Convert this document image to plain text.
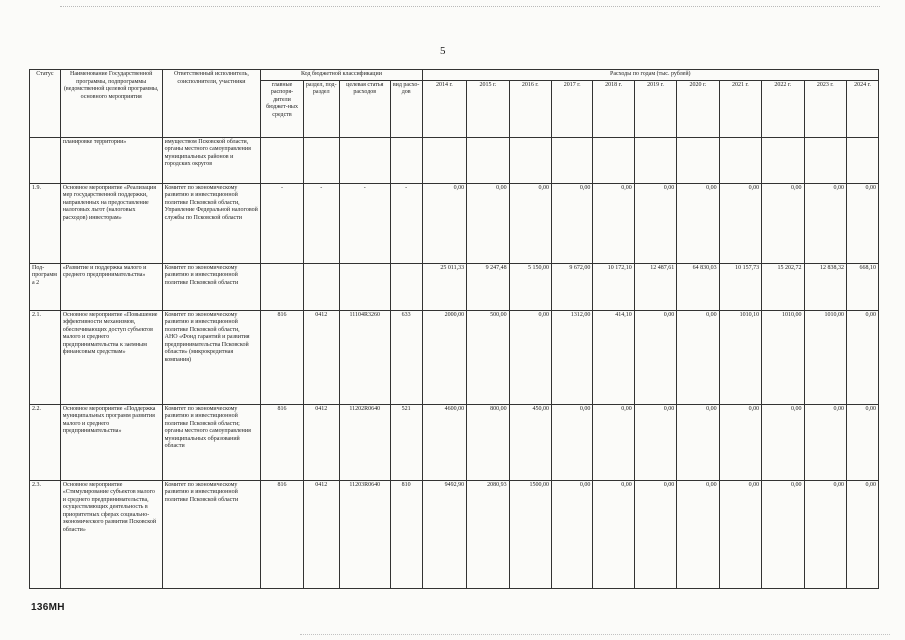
5
Статус	Наименование Государственной программы, подпрограммы (ведомственной целевой программы, основного мероприятия	Ответственный исполнитель, соисполнители, участники	Код бюджетной классификации				Расходы по годам (тыс. рублей)										
			главные распоря-дители бюджет-ных средств	раздел, под-раздел	целевая статья расходов	вид расхо-дов	2014 г.	2015 г.	2016 г.	2017 г.	2018 г.	2019 г.	2020 г.	2021 г.	2022 г.	2023 г.	2024 г.
	планировке территории»	имуществом Псковской области,
органы местного самоуправления муниципальных районов и городских округов															
1.9.	Основное мероприятие «Реализация мер государственной поддержки, направленных на предоставление налоговых льгот (налоговых расходов) инвесторам»	Комитет по экономическому развитию и инвестиционной политике Псковской области,
Управление Федеральной налоговой службы по Псковской области	-	-	-	-	0,00	0,00	0,00	0,00	0,00	0,00	0,00	0,00	0,00	0,00	0,00
Под-программа 2	«Развитие и поддержка малого и среднего предпринимательства»	Комитет по экономическому развитию и инвестиционной политике Псковской области					25 011,33	9 247,48	5 150,00	9 672,00	10 172,10	12 487,61	64 830,03	10 157,73	15 202,72	12 838,32	668,10
2.1.	Основное мероприятие «Повышение эффективности механизмов, обеспечивающих доступ субъектов малого и среднего предпринимательства к заемным финансовым средствам»	Комитет по экономическому развитию и инвестиционной политике Псковской области,
АНО «Фонд гарантий и развития предпринимательства Псковской области» (микрокредитная компания)	816	0412	11104R3260	633	2000,00	500,00	0,00	1312,00	414,10	0,00	0,00	1010,10	1010,00	1010,00	0,00
2.2.	Основное мероприятие «Поддержка муниципальных программ развития малого и среднего предпринимательства»	Комитет по экономическому развитию и инвестиционной политике Псковской области;
органы местного самоуправления муниципальных образований области	816	0412	11202R0640	521	4600,00	800,00	450,00	0,00	0,00	0,00	0,00	0,00	0,00	0,00	0,00
2.3.	Основное мероприятие «Стимулирование субъектов малого и среднего предпринимательства, осуществляющих деятельность в приоритетных сферах социально-экономического развития Псковской области»	Комитет по экономическому развитию и инвестиционной политике Псковской области	816	0412	11203R0640	810	9492,90	2080,93	1500,00	0,00	0,00	0,00	0,00	0,00	0,00	0,00	0,00
136МН
